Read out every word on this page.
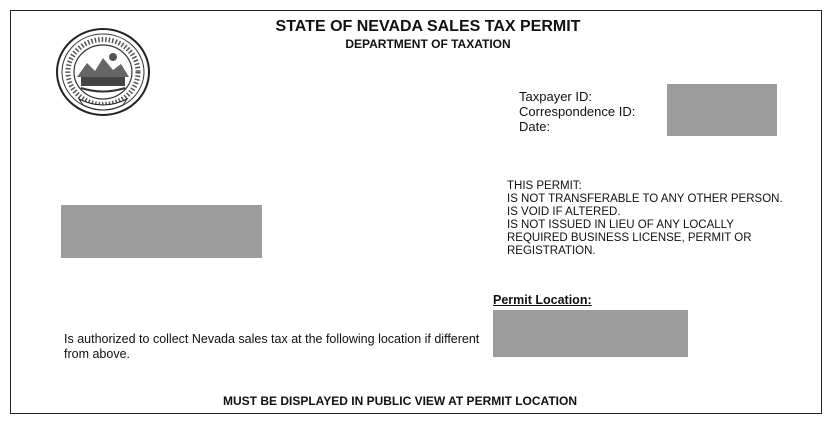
STATE OF NEVADA SALES TAX PERMIT
DEPARTMENT OF TAXATION
Taxpayer ID:
Correspondence ID:
Date:
THIS PERMIT:
IS NOT TRANSFERABLE TO ANY OTHER PERSON.
IS VOID IF ALTERED.
IS NOT ISSUED IN LIEU OF ANY LOCALLY
REQUIRED BUSINESS LICENSE, PERMIT OR
REGISTRATION.
Permit Location:
Is authorized to collect Nevada sales tax at the following location if different from above.
MUST BE DISPLAYED IN PUBLIC VIEW AT PERMIT LOCATION
